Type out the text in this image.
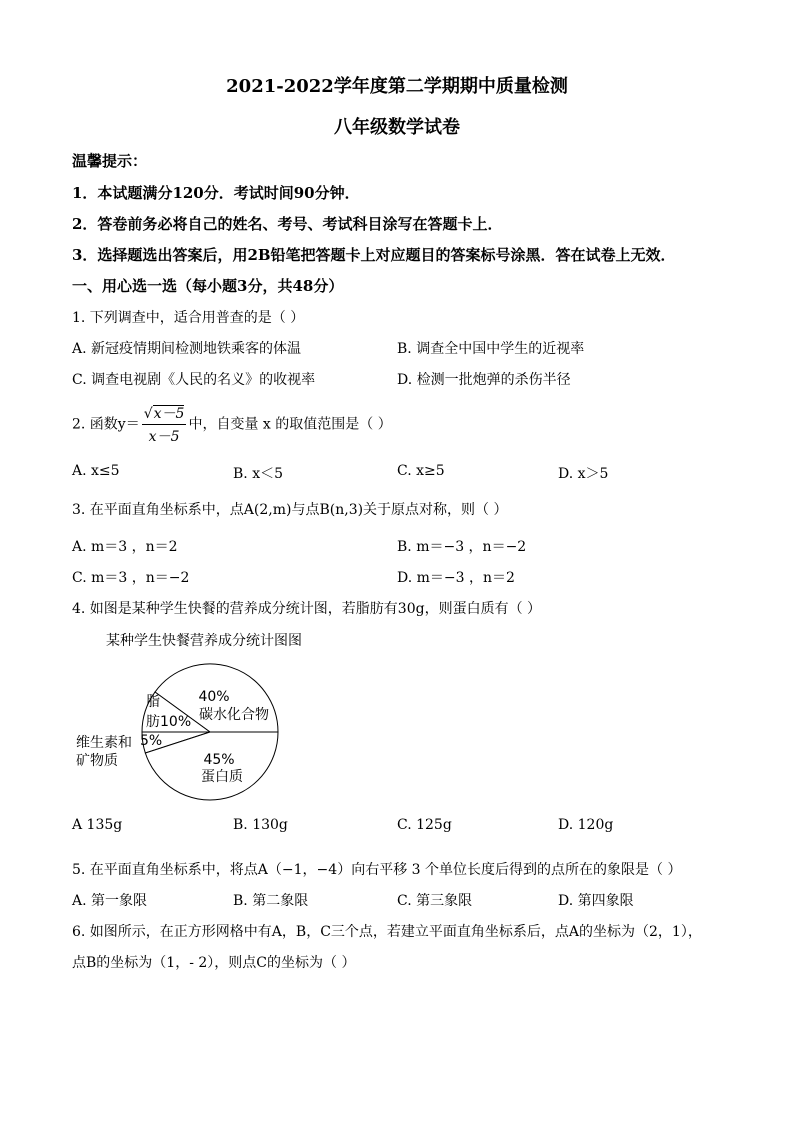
2021-2022学年度第二学期期中质量检测
八年级数学试卷
温馨提示：
1．本试题满分120分．考试时间90分钟．
2．答卷前务必将自己的姓名、考号、考试科目涂写在答题卡上．
3．选择题选出答案后，用2B铅笔把答题卡上对应题目的答案标号涂黑．答在试卷上无效．
一、用心选一选（每小题3分，共48分）
1. 下列调查中，适合用普查的是（ ）
A. 新冠疫情期间检测地铁乘客的体温	B. 调查全中国中学生的近视率
C. 调查电视剧《人民的名义》的收视率	D. 检测一批炮弹的杀伤半径
2. 函数$y= \frac{√x-5}{x-5}$ 中，自变量 x 的取值范围是（ ）
A. x≤5	B. x＜5	C. x≥5	D. x＞5
3. 在平面直角坐标系中，点A(2,m)与点B(n,3)关于原点对称，则（ ）
A. m＝3 ，n＝2	B. m＝−3 ，n＝−2
C. m＝3 ，n＝−2	D. m＝−3 ，n＝2
4. 如图是某种学生快餐的营养成分统计图，若脂肪有30g，则蛋白质有（ ）
某种学生快餐营养成分统计图图
40%
碳水化合物
脂
肪10%
5%
维生素和
矿物质	45%
蛋白质
A 135g	B. 130g	C. 125g	D. 120g
5. 在平面直角坐标系中，将点A（−1，−4）向右平移 3 个单位长度后得到的点所在的象限是（ ）
A. 第一象限	B. 第二象限	C. 第三象限	D. 第四象限
6. 如图所示，在正方形网格中有A，B，C三个点，若建立平面直角坐标系后，点A的坐标为（2，1），
点B的坐标为（1，- 2），则点C的坐标为（ ）
